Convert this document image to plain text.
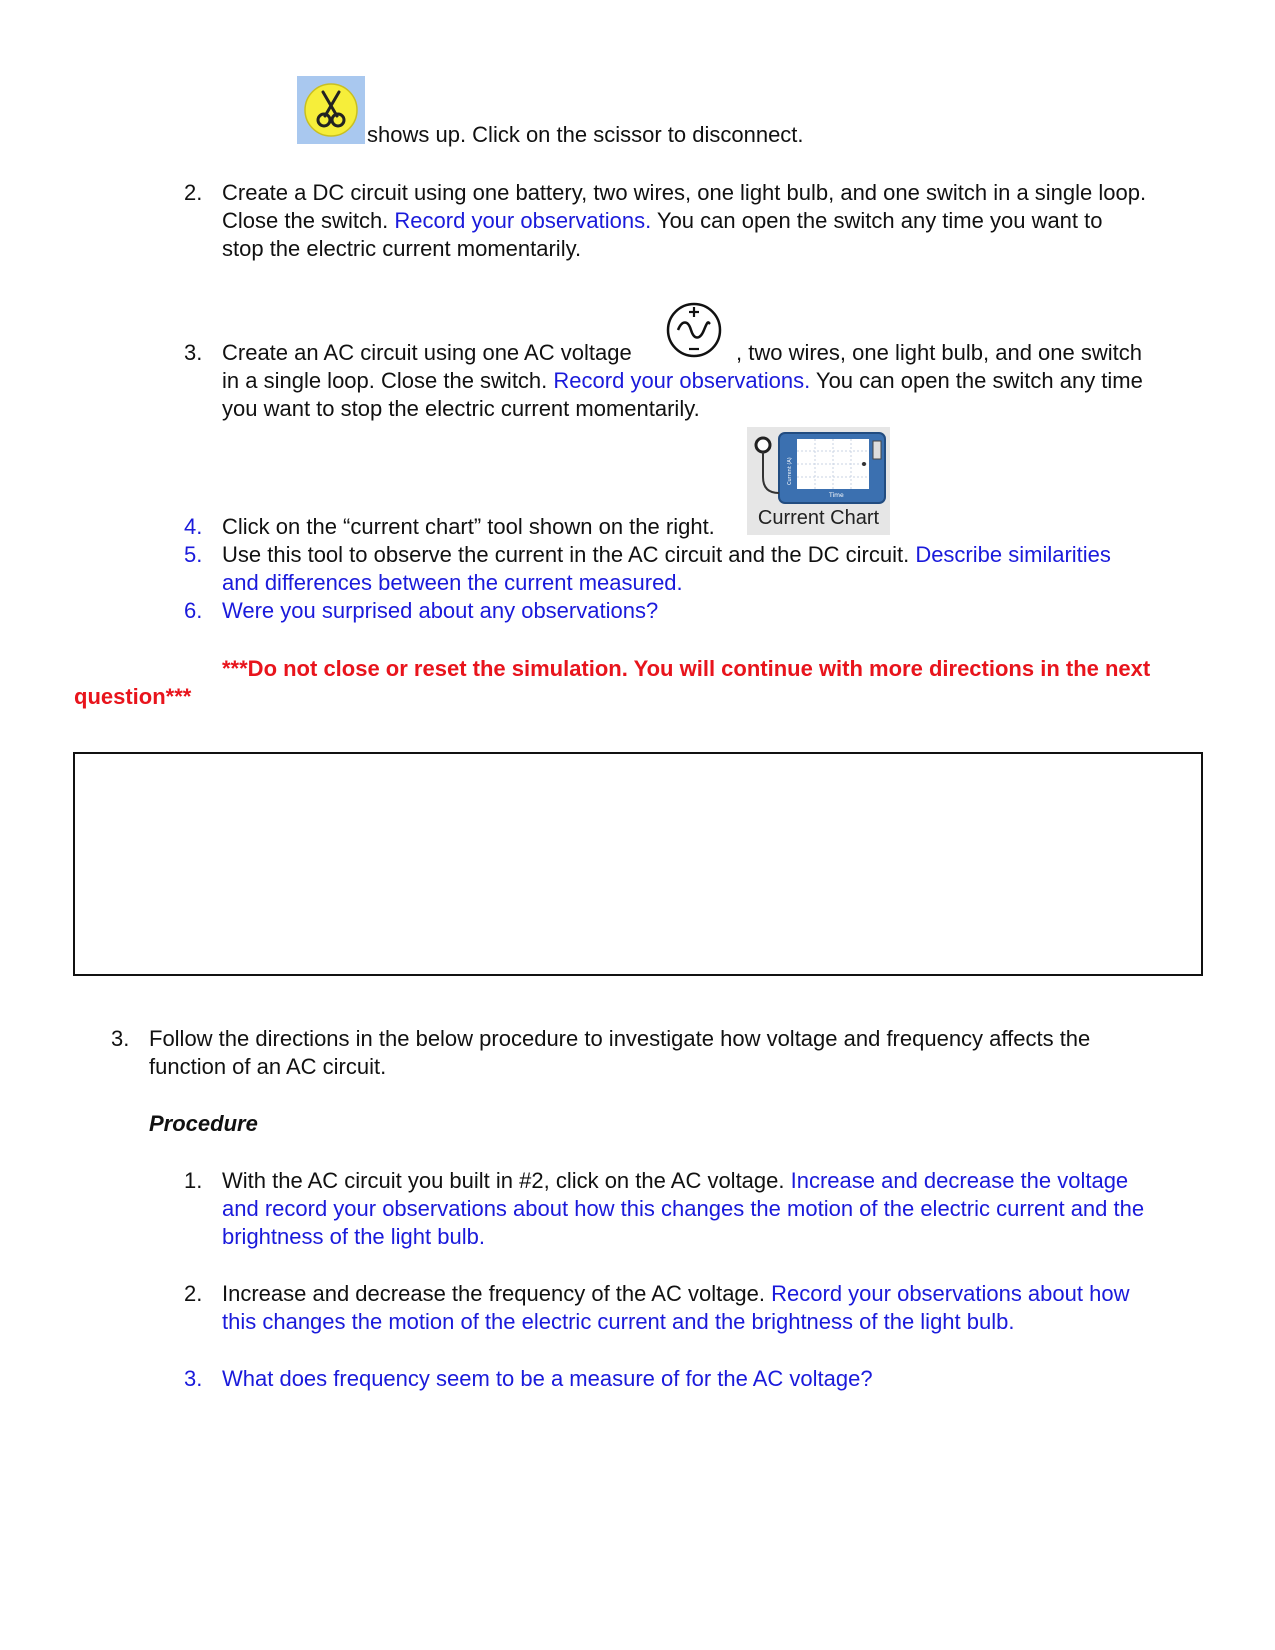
shows up. Click on the scissor to disconnect.
2. Create a DC circuit using one battery, two wires, one light bulb, and one switch in a single loop.
Close the switch. Record your observations. You can open the switch any time you want to
stop the electric current momentarily.
3. Create an AC circuit using one AC voltage	, two wires, one light bulb, and one switch
in a single loop. Close the switch. Record your observations. You can open the switch any time
you want to stop the electric current momentarily.
Current (A)
Time
Current Chart
4. Click on the “current chart” tool shown on the right.
5. Use this tool to observe the current in the AC circuit and the DC circuit. Describe similarities
and differences between the current measured.
6. Were you surprised about any observations?
***Do not close or reset the simulation. You will continue with more directions in the next
question***
3. Follow the directions in the below procedure to investigate how voltage and frequency affects the
function of an AC circuit.
Procedure
1. With the AC circuit you built in #2, click on the AC voltage. Increase and decrease the voltage
and record your observations about how this changes the motion of the electric current and the
brightness of the light bulb.
2. Increase and decrease the frequency of the AC voltage. Record your observations about how
this changes the motion of the electric current and the brightness of the light bulb.
3. What does frequency seem to be a measure of for the AC voltage?
